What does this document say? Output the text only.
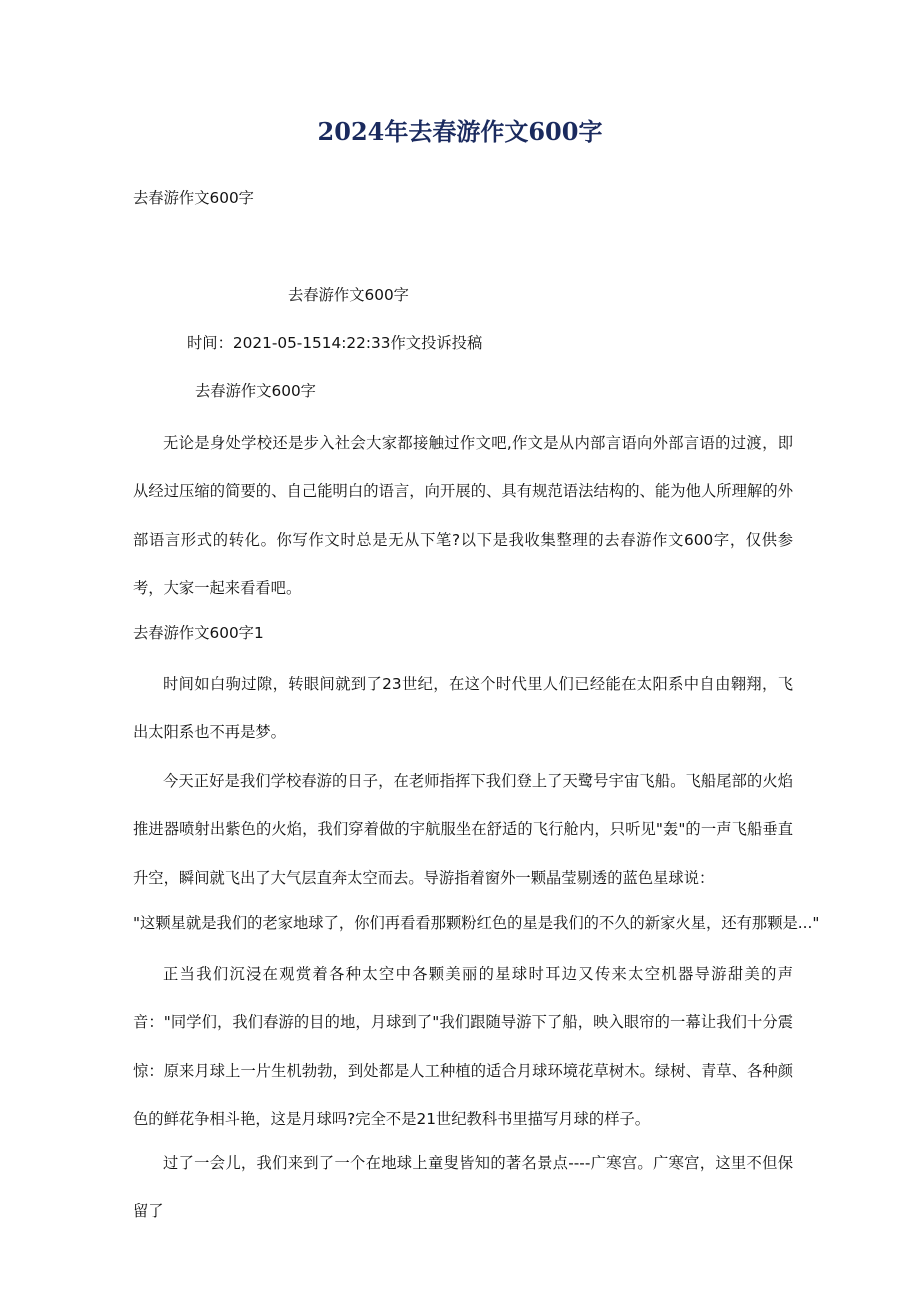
2024年去春游作文600字

去春游作文600字

去春游作文600字

时间：2021-05-1514:22:33作文投诉投稿

去春游作文600字

无论是身处学校还是步入社会大家都接触过作文吧,作文是从内部言语向外部言语的过渡，即从经过压缩的简要的、自己能明白的语言，向开展的、具有规范语法结构的、能为他人所理解的外部语言形式的转化。你写作文时总是无从下笔?以下是我收集整理的去春游作文600字，仅供参考，大家一起来看看吧。

去春游作文600字1

时间如白驹过隙，转眼间就到了23世纪，在这个时代里人们已经能在太阳系中自由翱翔，飞出太阳系也不再是梦。

今天正好是我们学校春游的日子，在老师指挥下我们登上了天鹭号宇宙飞船。飞船尾部的火焰推进器喷射出紫色的火焰，我们穿着做的宇航服坐在舒适的飞行舱内，只听见"轰"的一声飞船垂直升空，瞬间就飞出了大气层直奔太空而去。导游指着窗外一颗晶莹剔透的蓝色星球说：

"这颗星就是我们的老家地球了，你们再看看那颗粉红色的星是我们的不久的新家火星，还有那颗是..."

正当我们沉浸在观赏着各种太空中各颗美丽的星球时耳边又传来太空机器导游甜美的声音："同学们，我们春游的目的地，月球到了"我们跟随导游下了船，映入眼帘的一幕让我们十分震惊：原来月球上一片生机勃勃，到处都是人工种植的适合月球环境花草树木。绿树、青草、各种颜色的鲜花争相斗艳，这是月球吗?完全不是21世纪教科书里描写月球的样子。

过了一会儿，我们来到了一个在地球上童叟皆知的著名景点----广寒宫。广寒宫，这里不但保留了
